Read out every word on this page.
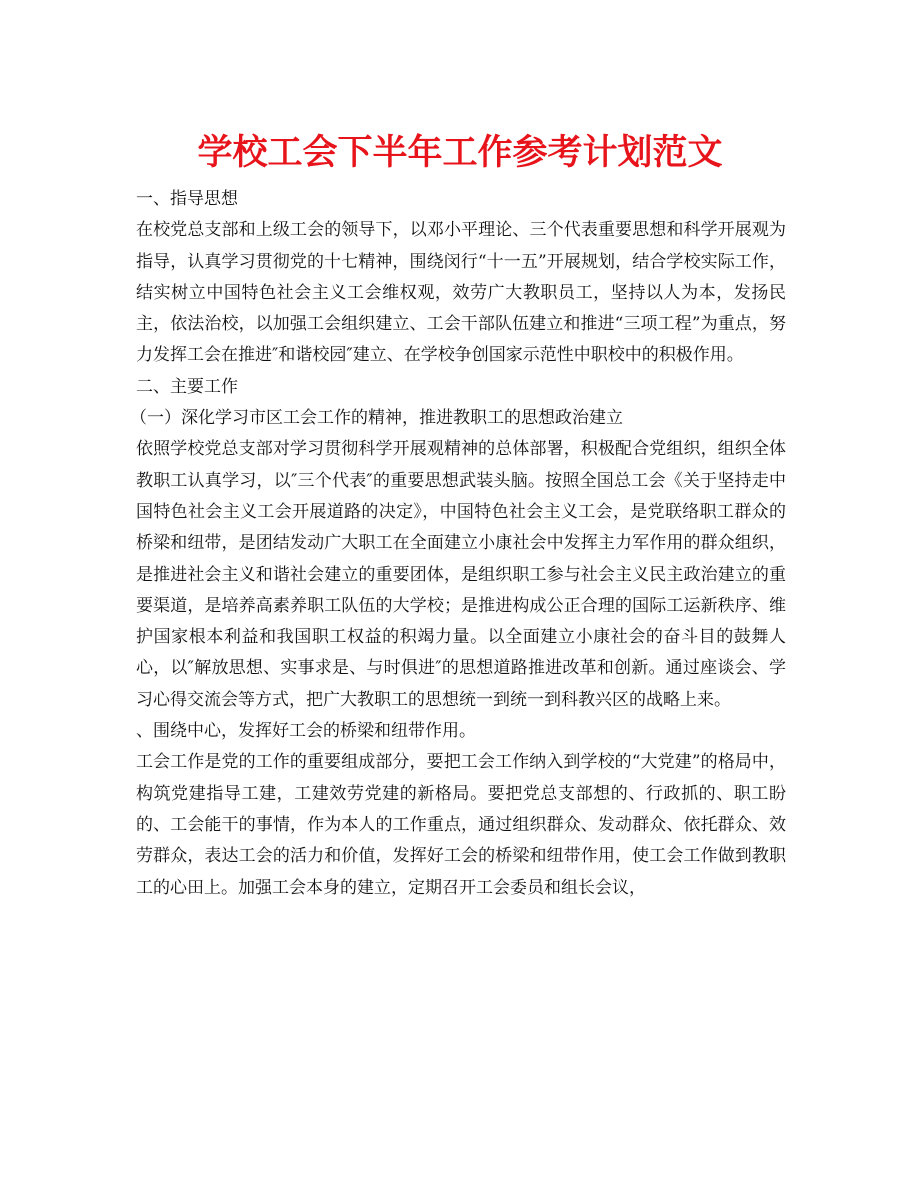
学校工会下半年工作参考计划范文

一、指导思想

在校党总支部和上级工会的领导下，以邓小平理论、三个代表重要思想和科学开展观为指导，认真学习贯彻党的十七精神，围绕闵行“十一五”开展规划，结合学校实际工作，结实树立中国特色社会主义工会维权观，效劳广大教职员工，坚持以人为本，发扬民主，依法治校，以加强工会组织建立、工会干部队伍建立和推进“三项工程”为重点，努力发挥工会在推进″和谐校园″建立、在学校争创国家示范性中职校中的积极作用。

二、主要工作

（一）深化学习市区工会工作的精神，推进教职工的思想政治建立

依照学校党总支部对学习贯彻科学开展观精神的总体部署，积极配合党组织，组织全体教职工认真学习，以″三个代表″的重要思想武装头脑。按照全国总工会《关于坚持走中国特色社会主义工会开展道路的决定》，中国特色社会主义工会，是党联络职工群众的桥梁和纽带，是团结发动广大职工在全面建立小康社会中发挥主力军作用的群众组织，是推进社会主义和谐社会建立的重要团体，是组织职工参与社会主义民主政治建立的重要渠道，是培养高素养职工队伍的大学校；是推进构成公正合理的国际工运新秩序、维护国家根本利益和我国职工权益的积竭力量。以全面建立小康社会的奋斗目的鼓舞人心，以″解放思想、实事求是、与时俱进″的思想道路推进改革和创新。通过座谈会、学习心得交流会等方式，把广大教职工的思想统一到统一到科教兴区的战略上来。

、围绕中心，发挥好工会的桥梁和纽带作用。

工会工作是党的工作的重要组成部分，要把工会工作纳入到学校的“大党建”的格局中，构筑党建指导工建，工建效劳党建的新格局。要把党总支部想的、行政抓的、职工盼的、工会能干的事情，作为本人的工作重点，通过组织群众、发动群众、依托群众、效劳群众，表达工会的活力和价值，发挥好工会的桥梁和纽带作用，使工会工作做到教职工的心田上。加强工会本身的建立，定期召开工会委员和组长会议，
